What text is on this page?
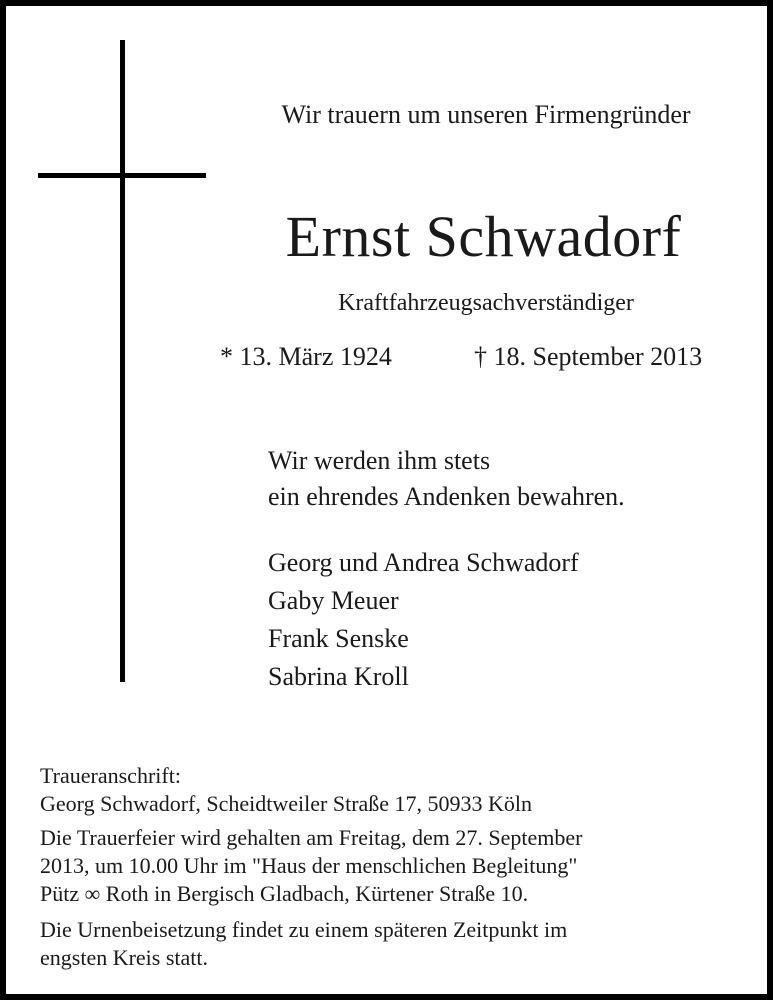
Wir trauern um unseren Firmengründer
Ernst Schwadorf
Kraftfahrzeugsachverständiger
* 13. März 1924	† 18. September 2013
Wir werden ihm stets
ein ehrendes Andenken bewahren.
Georg und Andrea Schwadorf
Gaby Meuer
Frank Senske
Sabrina Kroll
Traueranschrift:
Georg Schwadorf, Scheidtweiler Straße 17, 50933 Köln
Die Trauerfeier wird gehalten am Freitag, dem 27. September
2013, um 10.00 Uhr im "Haus der menschlichen Begleitung"
Pütz ∞ Roth in Bergisch Gladbach, Kürtener Straße 10.
Die Urnenbeisetzung findet zu einem späteren Zeitpunkt im
engsten Kreis statt.
